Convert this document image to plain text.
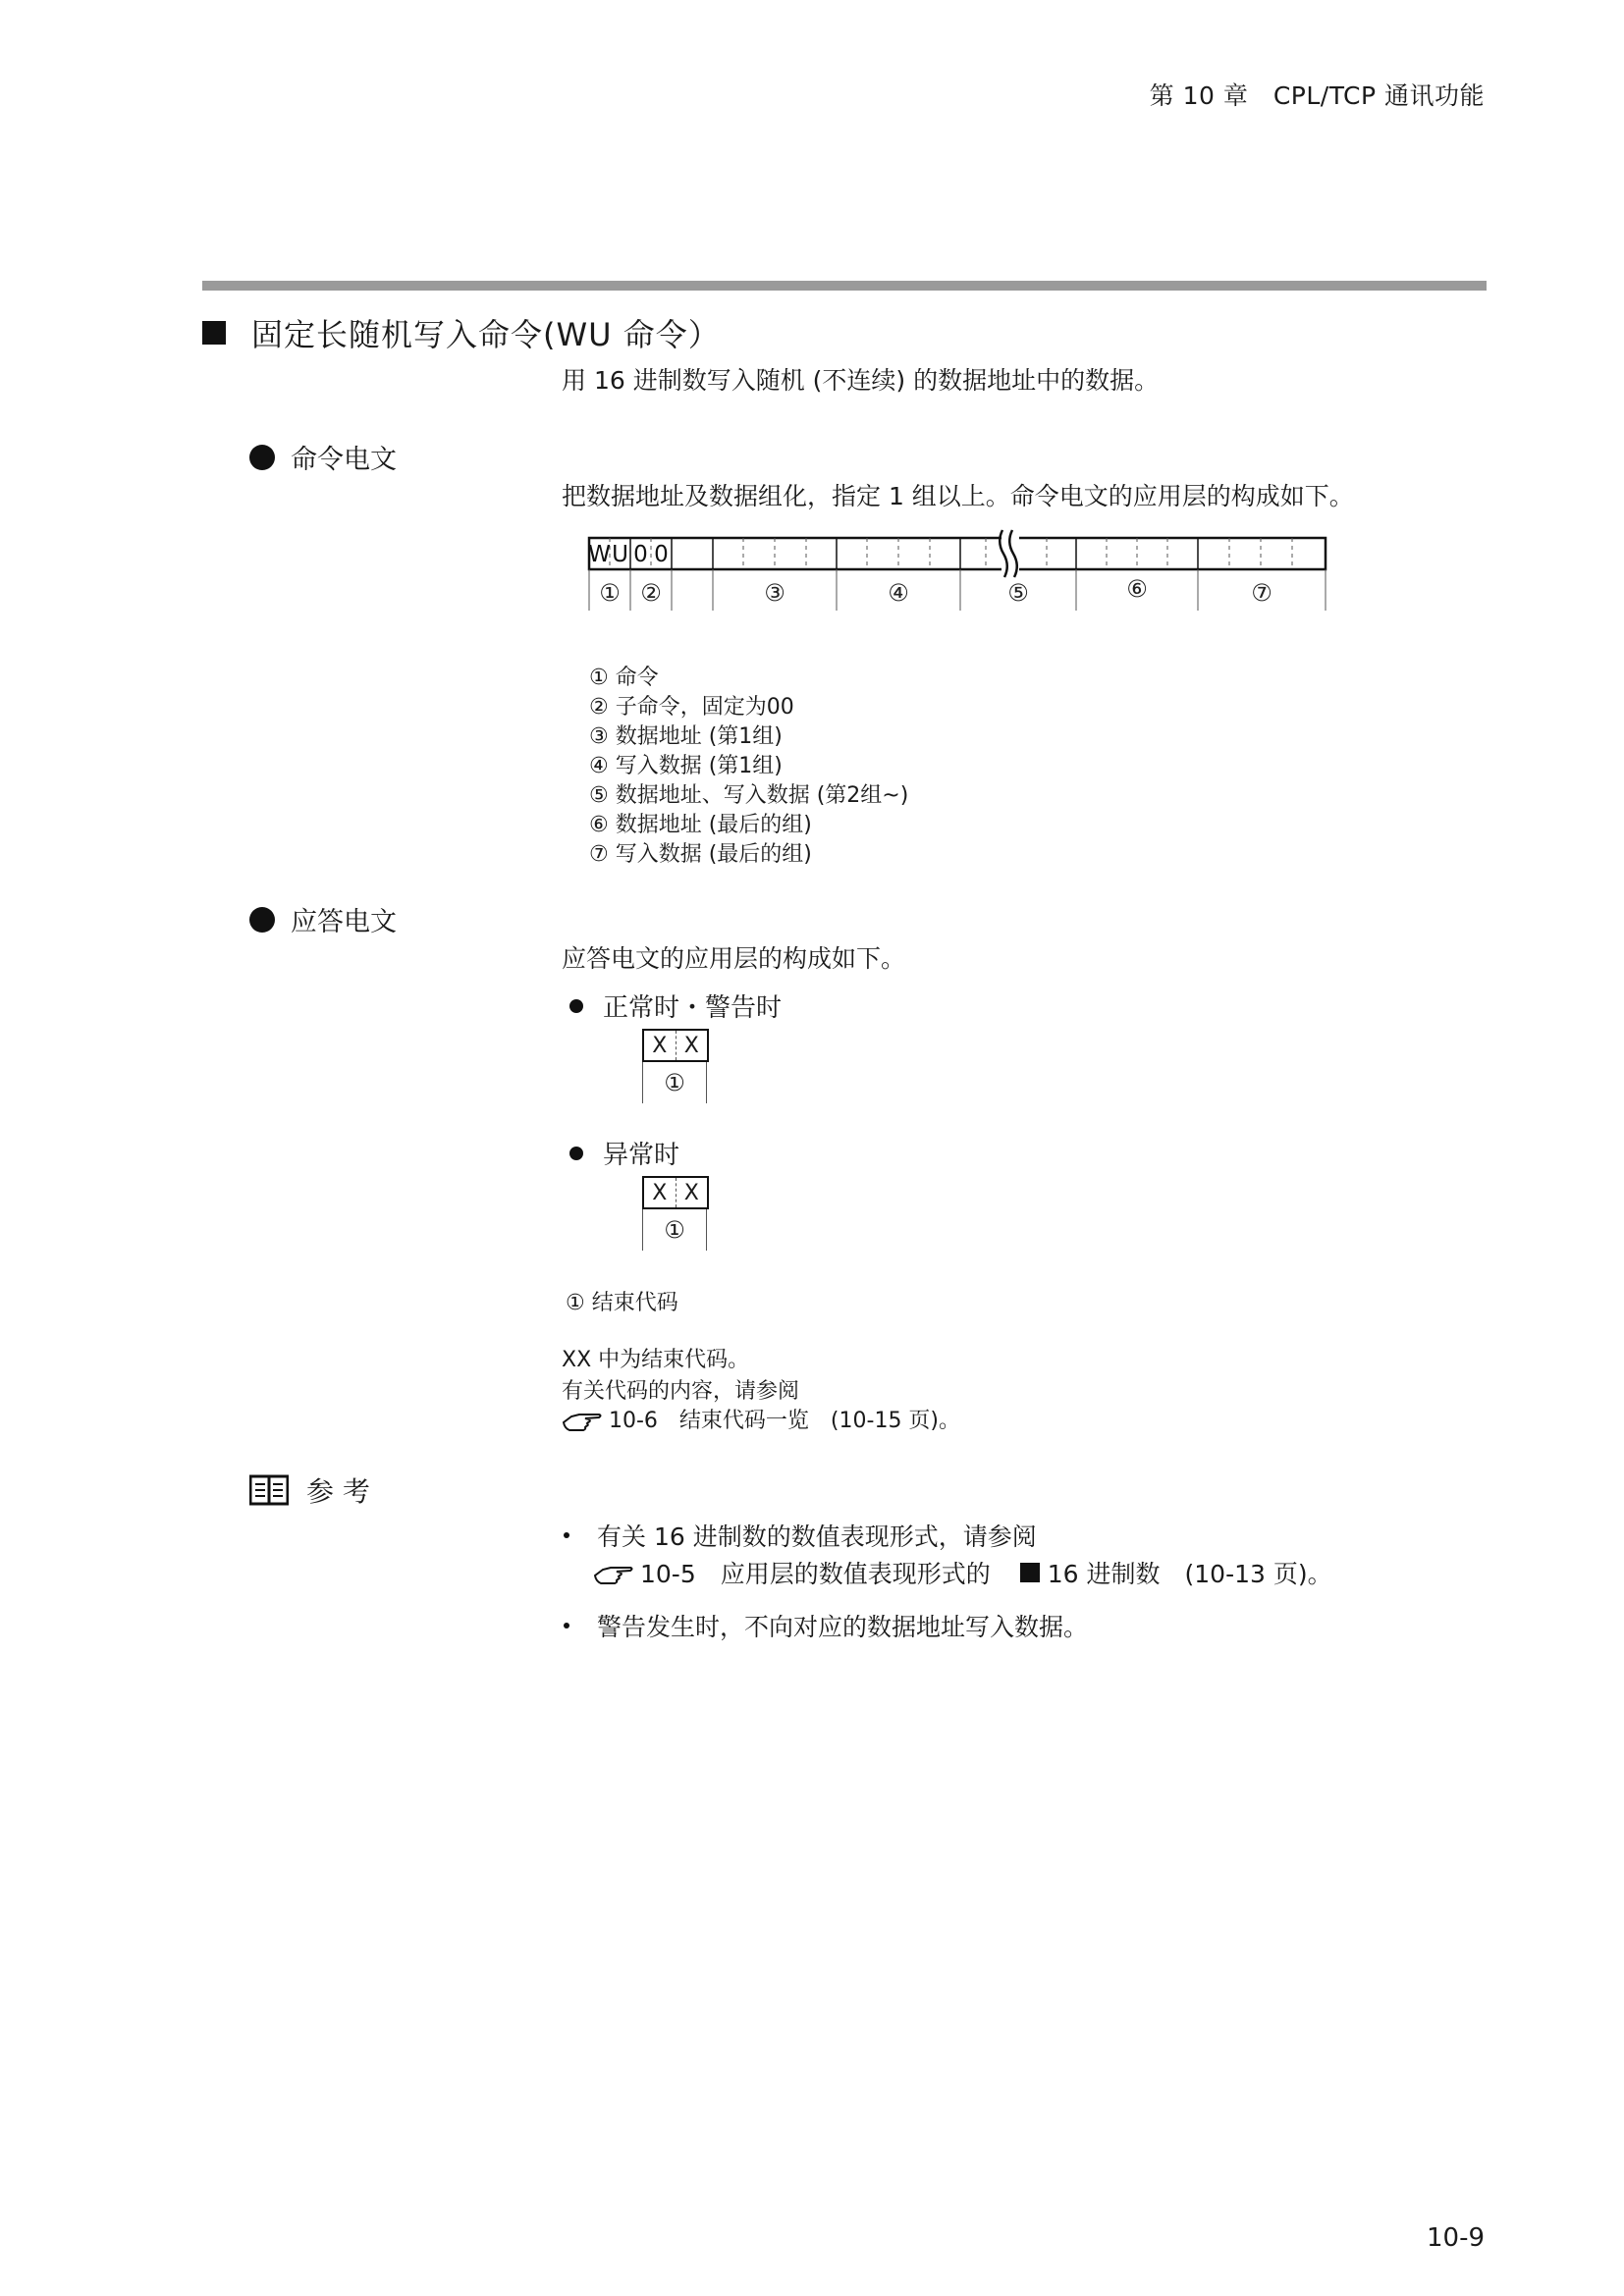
第 10 章　CPL/TCP 通讯功能
固定长随机写入命令(WU 命令）
用 16 进制数写入随机 (不连续) 的数据地址中的数据。
命令电文
把数据地址及数据组化，指定 1 组以上。命令电文的应用层的构成如下。
W U 0 0
① ②	③	④	⑤	⑥	⑦
① 命令
② 子命令，固定为00
③ 数据地址 (第1组)
④ 写入数据 (第1组)
⑤ 数据地址、写入数据 (第2组~)
⑥ 数据地址 (最后的组)
⑦ 写入数据 (最后的组)
应答电文
应答电文的应用层的构成如下。
正常时・警告时
X X
①
异常时
X X
①
① 结束代码
XX 中为结束代码。
有关代码的内容，请参阅
10-6　结束代码一览　(10-15 页)。
参 考
有关 16 进制数的数值表现形式，请参阅
10-5　应用层的数值表现形式的 16 进制数　(10-13 页)。
警告发生时，不向对应的数据地址写入数据。
10-9
